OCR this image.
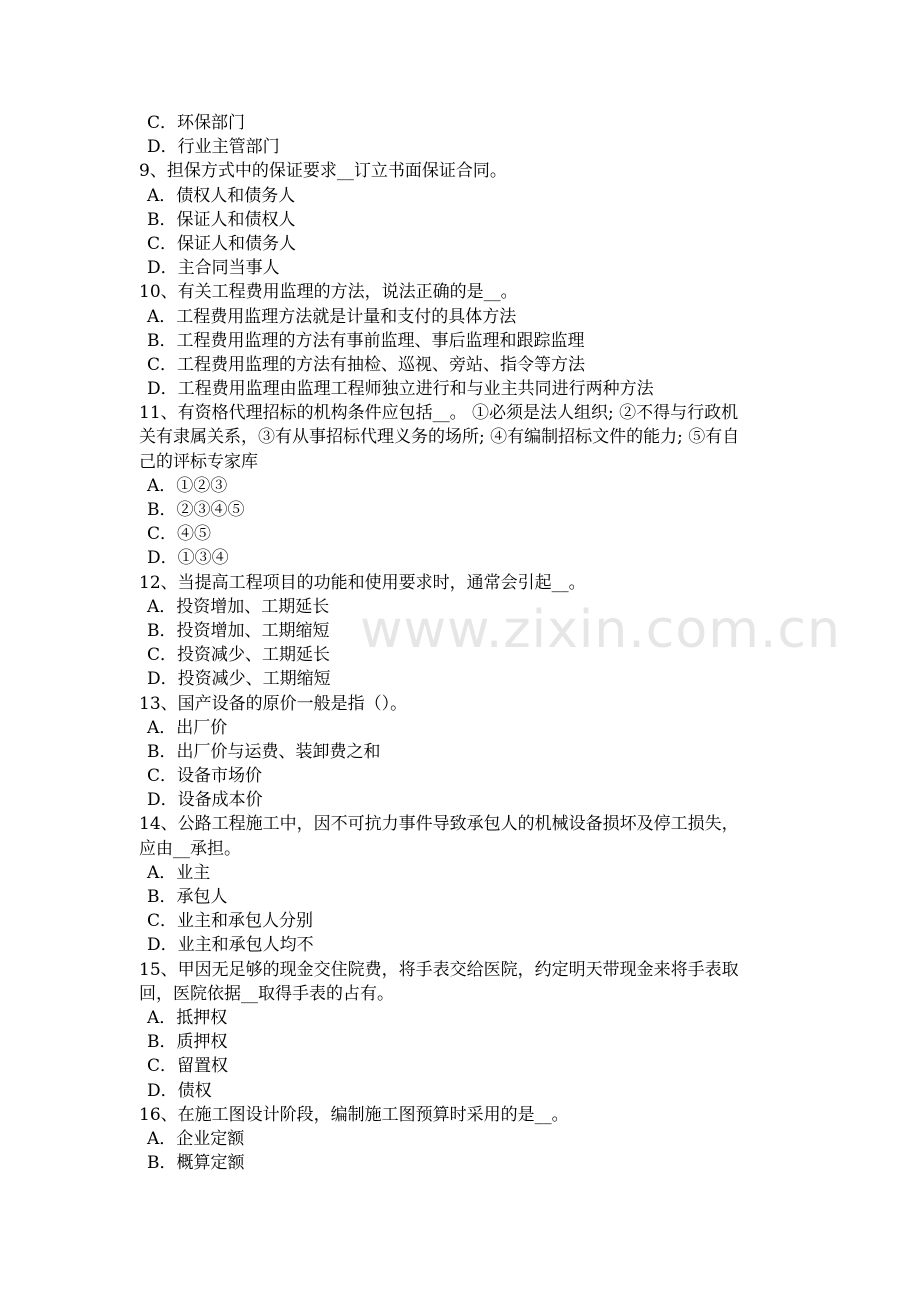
www.zixin.com.cn
C．环保部门
D．行业主管部门
9、担保方式中的保证要求__订立书面保证合同。
A．债权人和债务人
B．保证人和债权人
C．保证人和债务人
D．主合同当事人
10、有关工程费用监理的方法，说法正确的是__。
A．工程费用监理方法就是计量和支付的具体方法
B．工程费用监理的方法有事前监理、事后监理和跟踪监理
C．工程费用监理的方法有抽检、巡视、旁站、指令等方法
D．工程费用监理由监理工程师独立进行和与业主共同进行两种方法
11、有资格代理招标的机构条件应包括__。 ①必须是法人组织; ②不得与行政机
关有隶属关系，③有从事招标代理义务的场所; ④有编制招标文件的能力; ⑤有自
己的评标专家库
A．①②③
B．②③④⑤
C．④⑤
D．①③④
12、当提高工程项目的功能和使用要求时，通常会引起__。
A．投资增加、工期延长
B．投资增加、工期缩短
C．投资减少、工期延长
D．投资减少、工期缩短
13、国产设备的原价一般是指（）。
A．出厂价
B．出厂价与运费、装卸费之和
C．设备市场价
D．设备成本价
14、公路工程施工中，因不可抗力事件导致承包人的机械设备损坏及停工损失，
应由__承担。
A．业主
B．承包人
C．业主和承包人分别
D．业主和承包人均不
15、甲因无足够的现金交住院费，将手表交给医院，约定明天带现金来将手表取
回，医院依据__取得手表的占有。
A．抵押权
B．质押权
C．留置权
D．债权
16、在施工图设计阶段，编制施工图预算时采用的是__。
A．企业定额
B．概算定额
